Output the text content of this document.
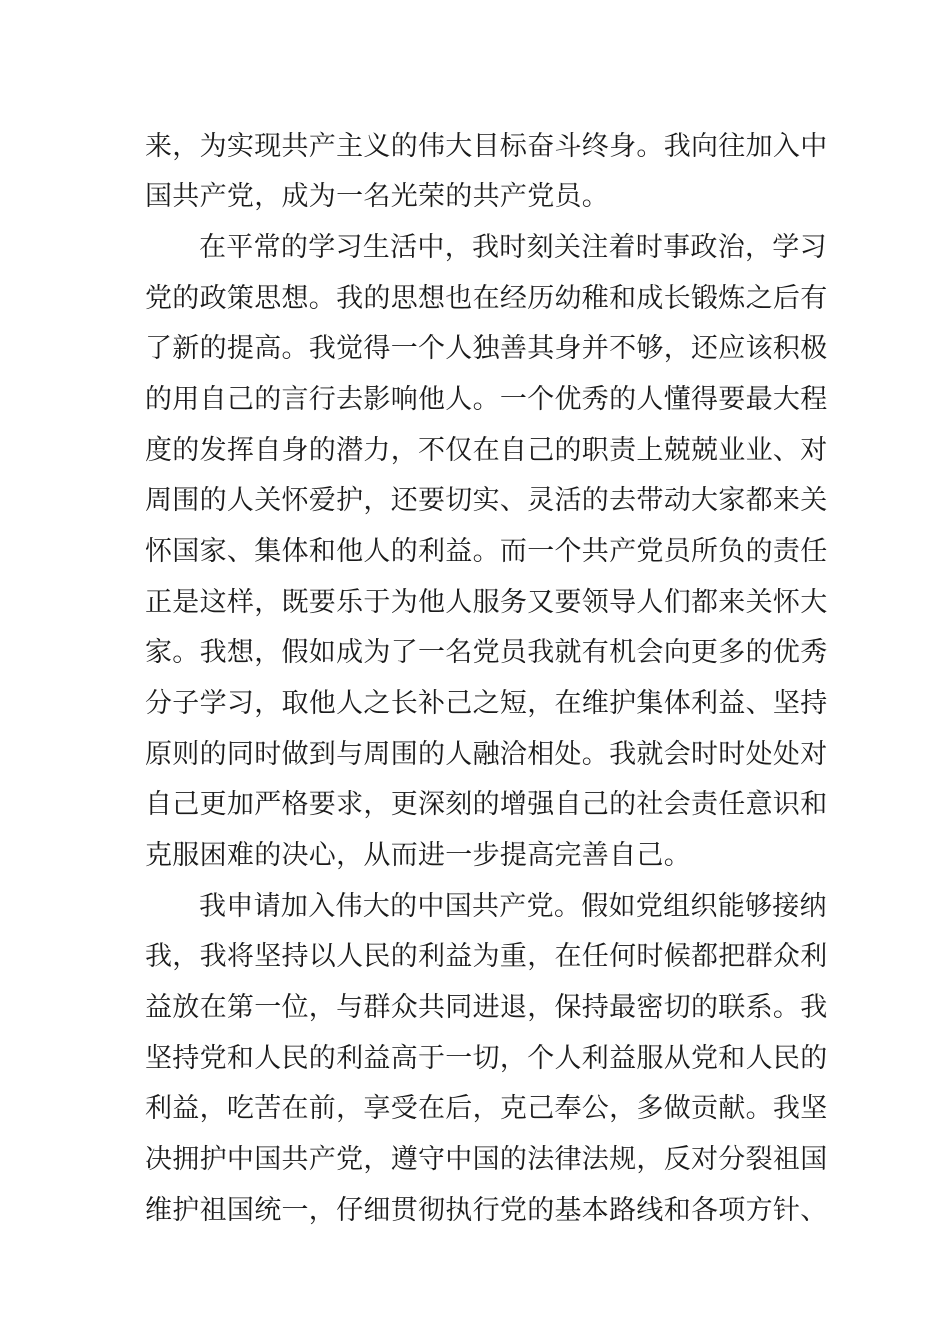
来，为实现共产主义的伟大目标奋斗终身。我向往加入中

国共产党，成为一名光荣的共产党员。

在平常的学习生活中，我时刻关注着时事政治，学习

党的政策思想。我的思想也在经历幼稚和成长锻炼之后有

了新的提高。我觉得一个人独善其身并不够，还应该积极

的用自己的言行去影响他人。一个优秀的人懂得要最大程

度的发挥自身的潜力，不仅在自己的职责上兢兢业业、对

周围的人关怀爱护，还要切实、灵活的去带动大家都来关

怀国家、集体和他人的利益。而一个共产党员所负的责任

正是这样，既要乐于为他人服务又要领导人们都来关怀大

家。我想，假如成为了一名党员我就有机会向更多的优秀

分子学习，取他人之长补己之短，在维护集体利益、坚持

原则的同时做到与周围的人融洽相处。我就会时时处处对

自己更加严格要求，更深刻的增强自己的社会责任意识和

克服困难的决心，从而进一步提高完善自己。

我申请加入伟大的中国共产党。假如党组织能够接纳

我，我将坚持以人民的利益为重，在任何时候都把群众利

益放在第一位，与群众共同进退，保持最密切的联系。我

坚持党和人民的利益高于一切，个人利益服从党和人民的

利益，吃苦在前，享受在后，克己奉公，多做贡献。我坚

决拥护中国共产党，遵守中国的法律法规，反对分裂祖国

维护祖国统一，仔细贯彻执行党的基本路线和各项方针、
